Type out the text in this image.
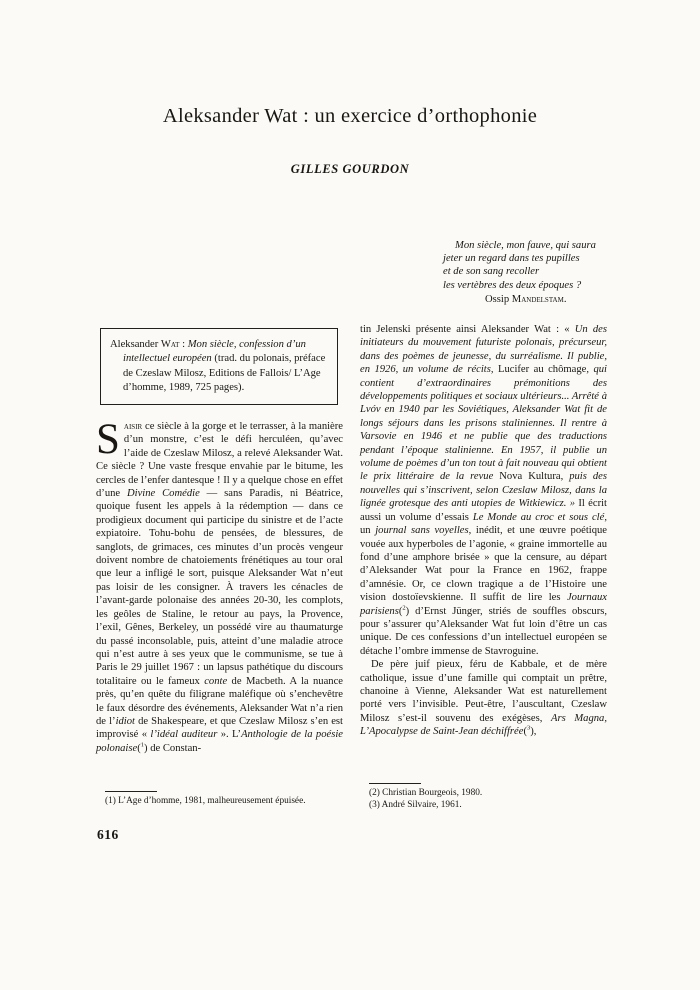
Aleksander Wat : un exercice d’orthophonie
GILLES GOURDON
Mon siècle, mon fauve, qui saura
jeter un regard dans tes pupilles
et de son sang recoller
les vertèbres des deux époques ?
Ossip Mandelstam.

Aleksander Wat : Mon siècle, confession d’un intellectuel européen (trad. du polonais, préface de Czeslaw Milosz, Editions de Fallois/ L’Age d’homme, 1989, 725 pages).

Saisir ce siècle à la gorge et le terrasser, à la manière d’un monstre, c’est le défi herculéen, qu’avec l’aide de Czeslaw Milosz, a relevé Aleksander Wat. Ce siècle ? Une vaste fresque envahie par le bitume, les cercles de l’enfer dantesque ! Il y a quelque chose en effet d’une Divine Comédie — sans Paradis, ni Béatrice, quoique fusent les appels à la rédemption — dans ce prodigieux document qui participe du sinistre et de l’acte expiatoire. Tohu-bohu de pensées, de blessures, de sanglots, de grimaces, ces minutes d’un procès vengeur doivent nombre de chatoiements frénétiques au tour oral que leur a infligé le sort, puisque Aleksander Wat n’eut pas loisir de les consigner. À travers les cénacles de l’avant-garde polonaise des années 20-30, les complots, les geôles de Staline, le retour au pays, la Provence, l’exil, Gênes, Berkeley, un possédé vire au thaumaturge du passé inconsolable, puis, atteint d’une maladie atroce qui n’est autre à ses yeux que le communisme, se tue à Paris le 29 juillet 1967 : un lapsus pathétique du discours totalitaire ou le fameux conte de Macbeth. A la nuance près, qu’en quête du filigrane maléfique où s’enchevêtre le faux désordre des événements, Aleksander Wat n’a rien de l’idiot de Shakespeare, et que Czeslaw Milosz s’en est improvisé « l’idéal auditeur ». L’Anthologie de la poésie polonaise($^1$) de Constan-

tin Jelenski présente ainsi Aleksander Wat : « Un des initiateurs du mouvement futuriste polonais, précurseur, dans des poèmes de jeunesse, du surréalisme. Il publie, en 1926, un volume de récits, Lucifer au chômage, qui contient d’extraordinaires prémonitions des développements politiques et sociaux ultérieurs... Arrêté à Lvóv en 1940 par les Soviétiques, Aleksander Wat fit de longs séjours dans les prisons staliniennes. Il rentre à Varsovie en 1946 et ne publie que des traductions pendant l’époque stalinienne. En 1957, il publie un volume de poèmes d’un ton tout à fait nouveau qui obtient le prix littéraire de la revue Nova Kultura, puis des nouvelles qui s’inscrivent, selon Czeslaw Milosz, dans la lignée grotesque des anti utopies de Witkiewicz. » Il écrit aussi un volume d’essais Le Monde au croc et sous clé, un journal sans voyelles, inédit, et une œuvre poétique vouée aux hyperboles de l’agonie, « graine immortelle au fond d’une amphore brisée » que la censure, au départ d’Aleksander Wat pour la France en 1962, frappe d’amnésie. Or, ce clown tragique a de l’Histoire une vision dostoïevskienne. Il suffit de lire les Journaux parisiens($^2$) d’Ernst Jünger, striés de souffles obscurs, pour s’assurer qu’Aleksander Wat fut loin d’être un cas unique. De ces confessions d’un intellectuel européen se détache l’ombre immense de Stavroguine.

De père juif pieux, féru de Kabbale, et de mère catholique, issue d’une famille qui comptait un prêtre, chanoine à Vienne, Aleksander Wat est naturellement porté vers l’invisible. Peut-être, l’auscultant, Czeslaw Milosz s’est-il souvenu des exégèses, Ars Magna, L’Apocalypse de Saint-Jean déchiffrée($^3$),

(1) L’Age d’homme, 1981, malheureusement épuisée.
(2) Christian Bourgeois, 1980.
(3) André Silvaire, 1961.
616
